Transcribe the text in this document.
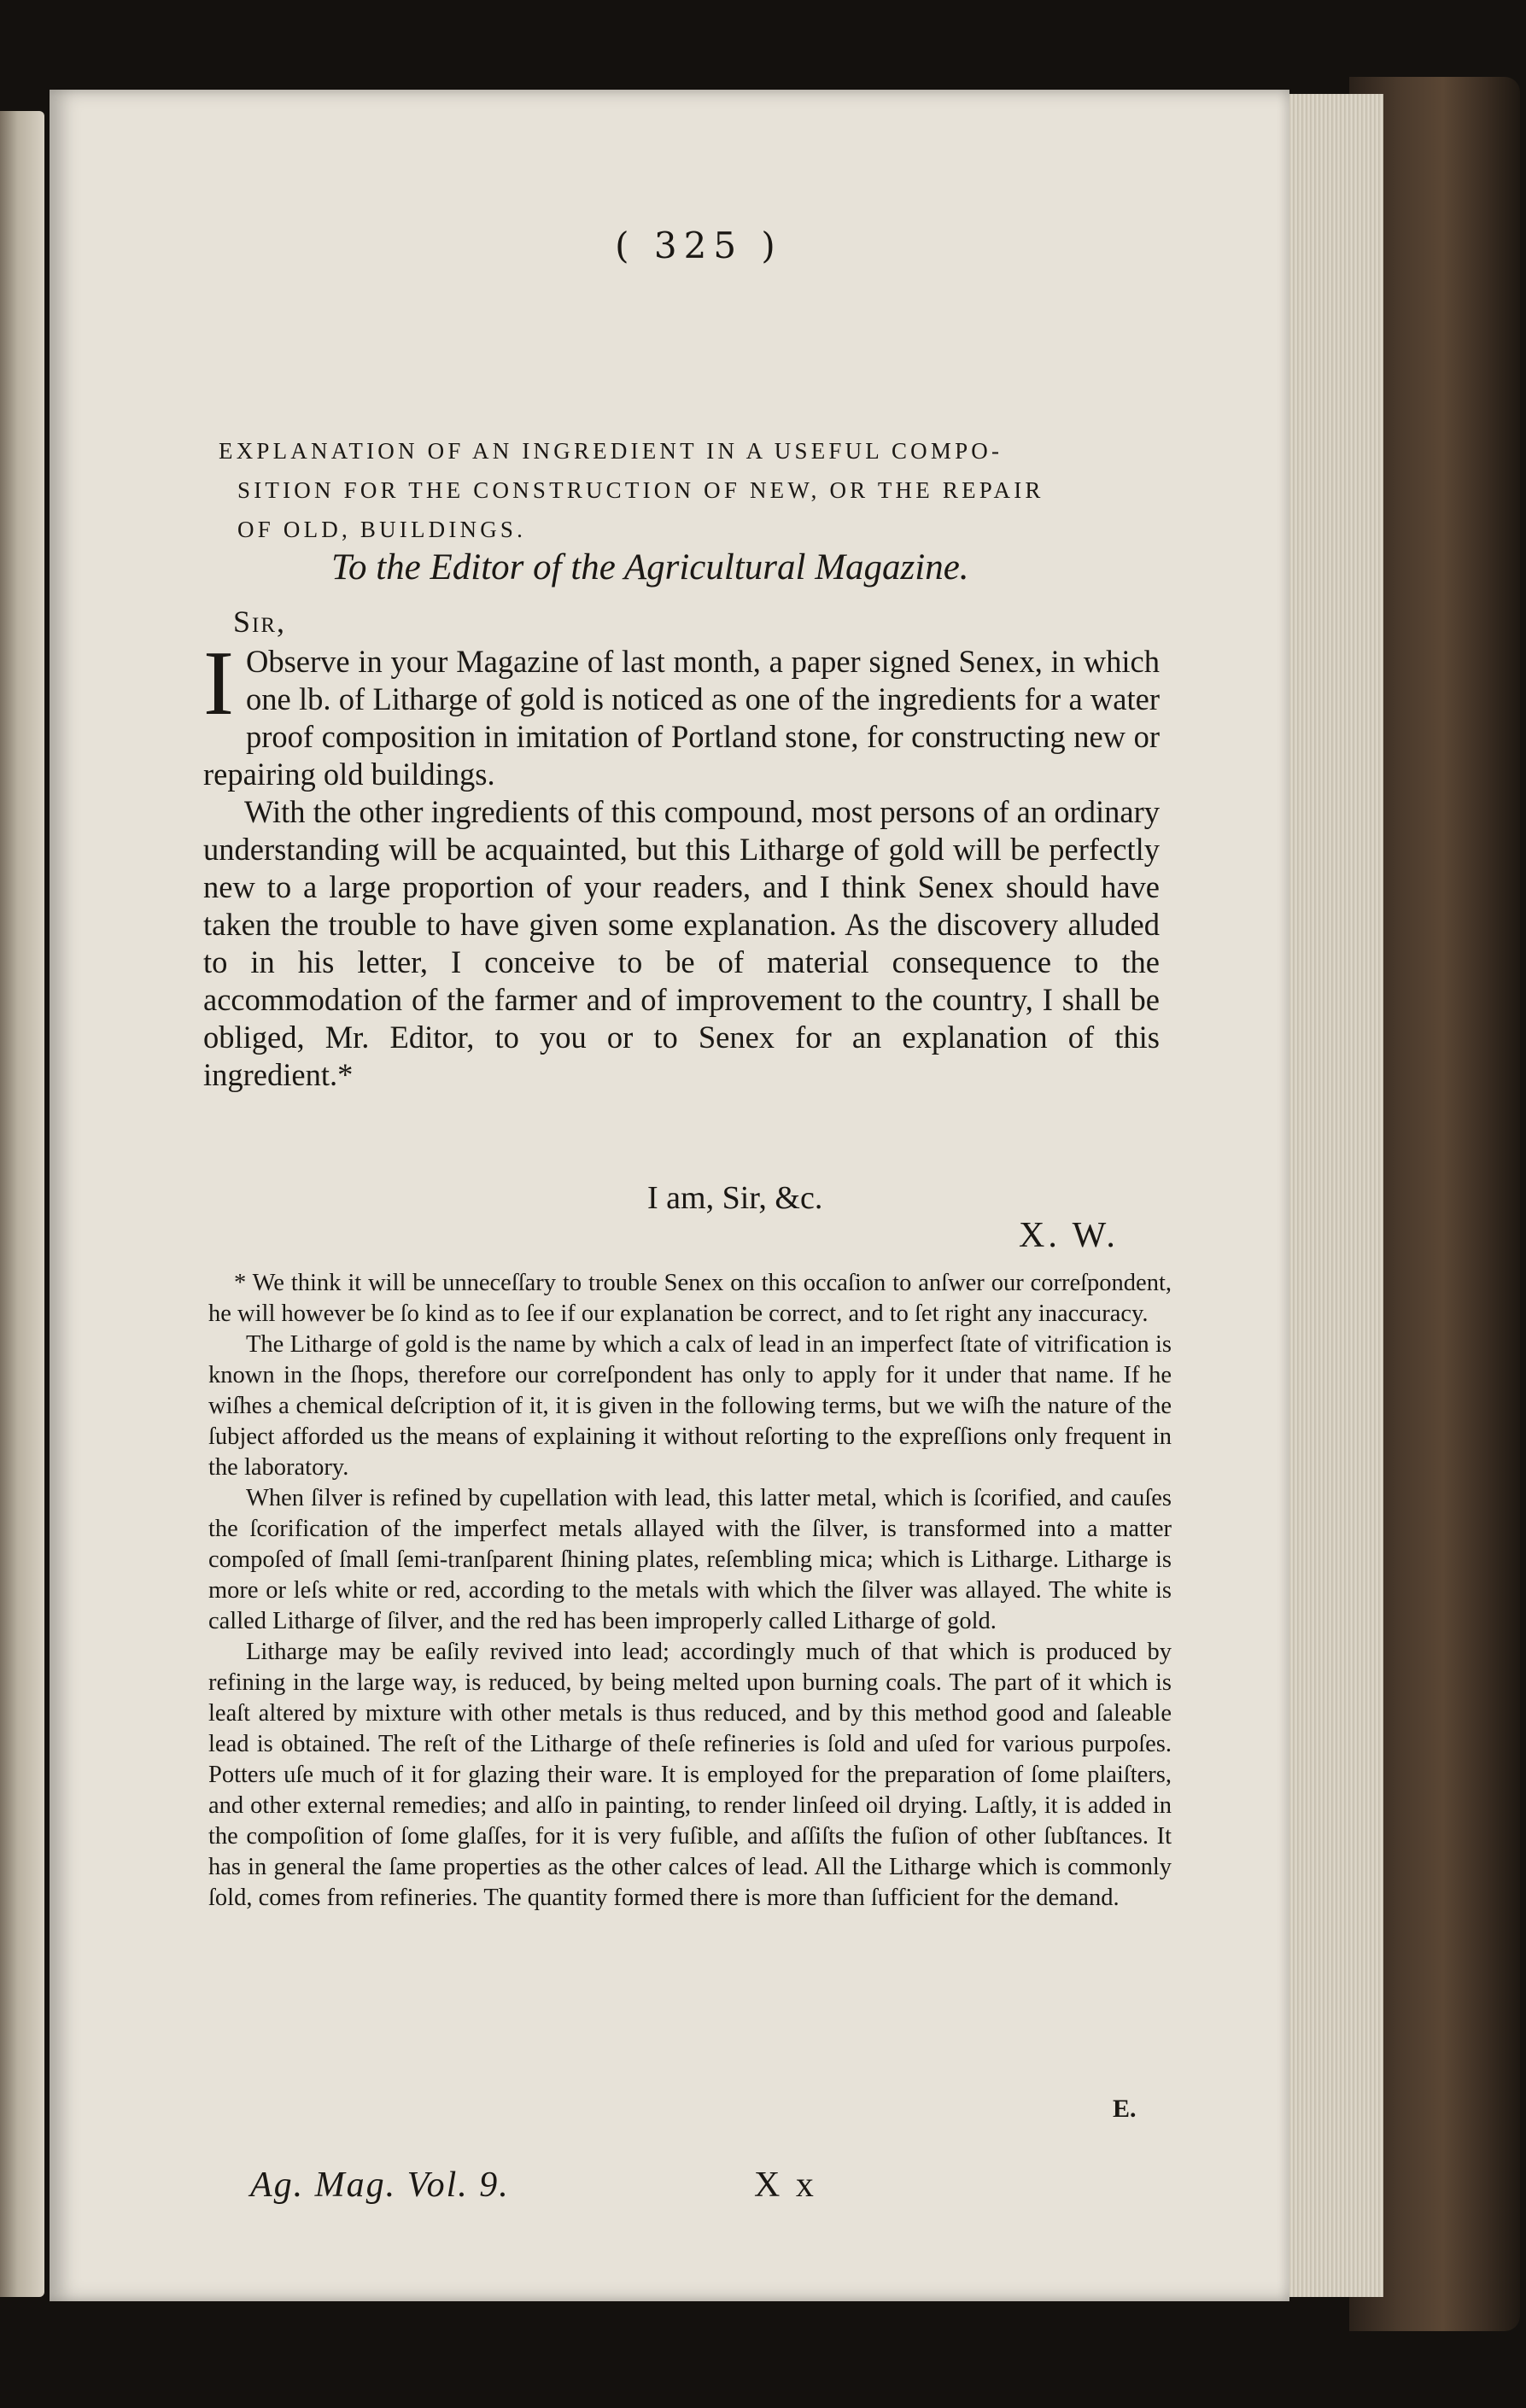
( 325 )
EXPLANATION OF AN INGREDIENT IN A USEFUL COMPO-
SITION FOR THE CONSTRUCTION OF NEW, OR THE REPAIR
OF OLD, BUILDINGS.
To the Editor of the Agricultural Magazine.
Sir,

I Observe in your Magazine of last month, a paper signed Senex, in which one lb. of Litharge of gold is noticed as one of the ingredients for a water proof composition in imitation of Portland stone, for constructing new or repairing old buildings.

With the other ingredients of this compound, most persons of an ordinary understanding will be acquainted, but this Litharge of gold will be perfectly new to a large proportion of your readers, and I think Senex should have taken the trouble to have given some explanation. As the discovery alluded to in his letter, I conceive to be of material consequence to the accommodation of the farmer and of improvement to the country, I shall be obliged, Mr. Editor, to you or to Senex for an explanation of this ingredient.*

I am, Sir, &c.
X. W.

* We think it will be unneceſſary to trouble Senex on this occaſion to anſwer our correſpondent, he will however be ſo kind as to ſee if our explanation be correct, and to ſet right any inaccuracy.

The Litharge of gold is the name by which a calx of lead in an imperfect ſtate of vitrification is known in the ſhops, therefore our correſpondent has only to apply for it under that name. If he wiſhes a chemical deſcription of it, it is given in the following terms, but we wiſh the nature of the ſubject afforded us the means of explaining it without reſorting to the expreſſions only frequent in the laboratory.

When ſilver is refined by cupellation with lead, this latter metal, which is ſcorified, and cauſes the ſcorification of the imperfect metals allayed with the ſilver, is transformed into a matter compoſed of ſmall ſemi-tranſparent ſhining plates, reſembling mica; which is Litharge. Litharge is more or leſs white or red, according to the metals with which the ſilver was allayed. The white is called Litharge of ſilver, and the red has been improperly called Litharge of gold.

Litharge may be eaſily revived into lead; accordingly much of that which is produced by refining in the large way, is reduced, by being melted upon burning coals. The part of it which is leaſt altered by mixture with other metals is thus reduced, and by this method good and ſaleable lead is obtained. The reſt of the Litharge of theſe refineries is ſold and uſed for various purpoſes. Potters uſe much of it for glazing their ware. It is employed for the preparation of ſome plaiſters, and other external remedies; and alſo in painting, to render linſeed oil drying. Laſtly, it is added in the compoſition of ſome glaſſes, for it is very fuſible, and aſſiſts the fuſion of other ſubſtances. It has in general the ſame properties as the other calces of lead. All the Litharge which is commonly ſold, comes from refineries. The quantity formed there is more than ſufficient for the demand.

E.
Ag. Mag. Vol. 9.	X x
